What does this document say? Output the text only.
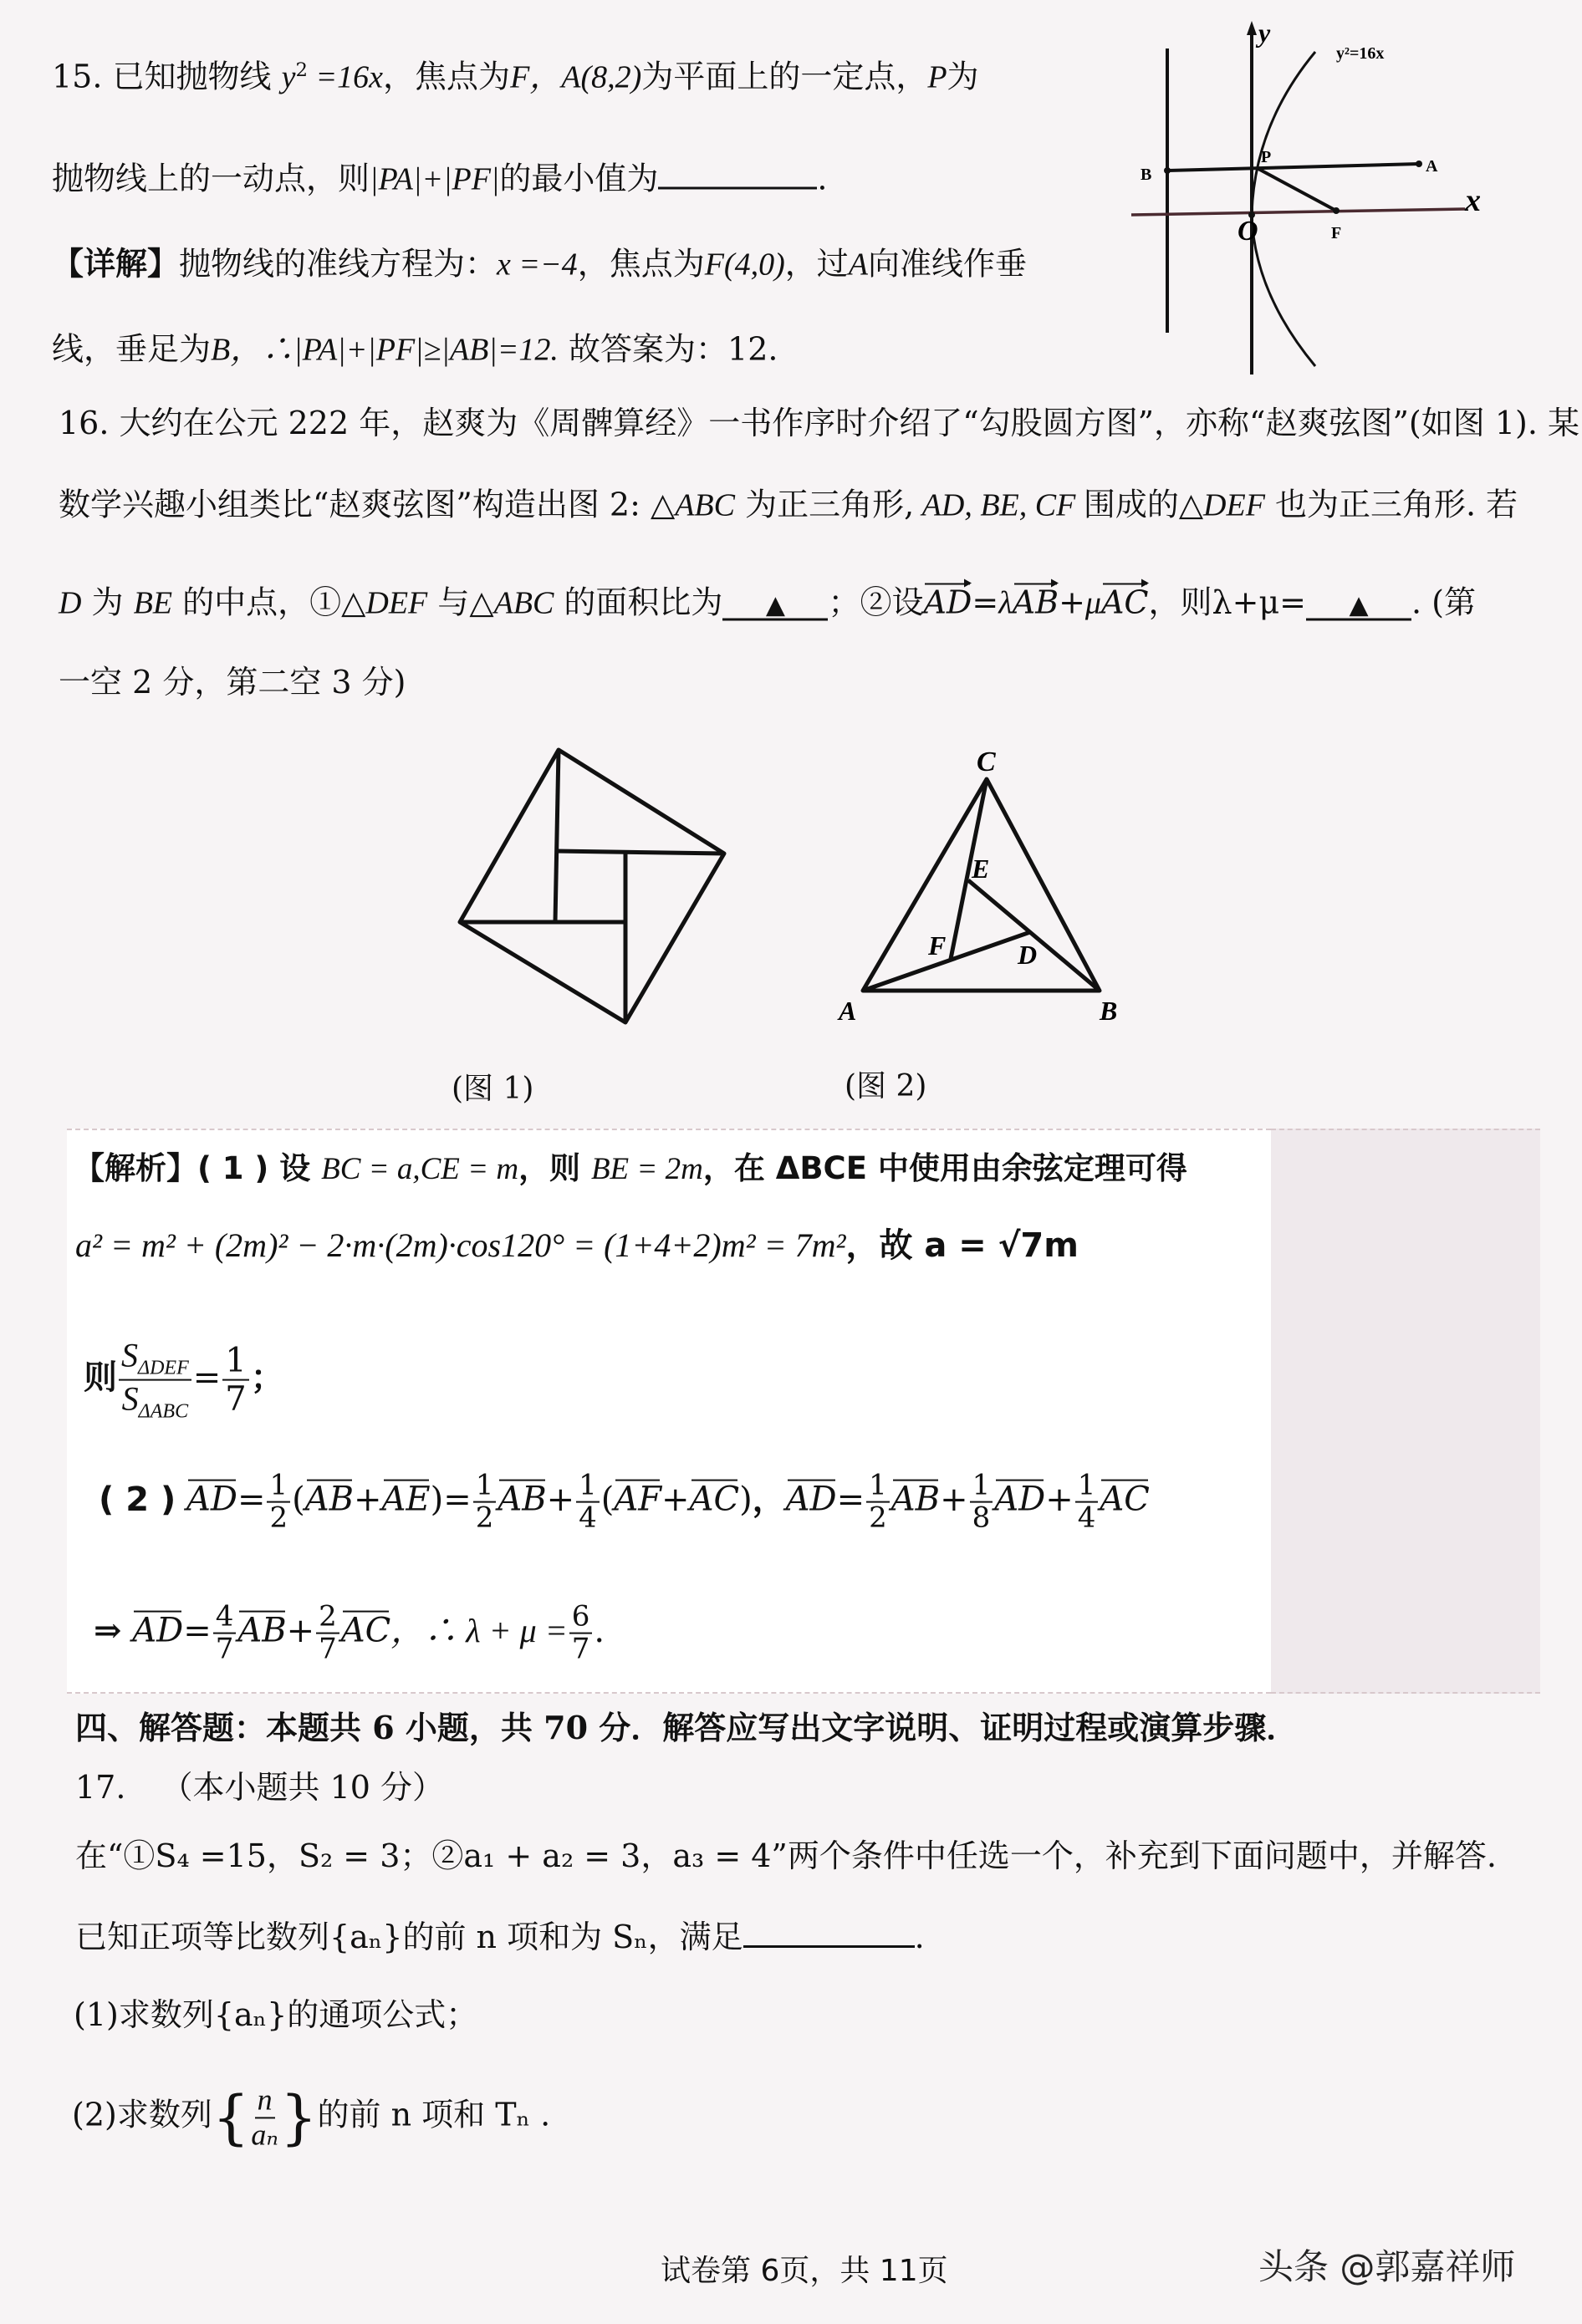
15. 已知抛物线 $y^2 =16x$，焦点为F，A(8,2)为平面上的一定点，P为
抛物线上的一动点，则|PA|+|PF|的最小值为	.
【详解】抛物线的准线方程为：x =−4，焦点为F(4,0)，过A向准线作垂
线，垂足为B，∴|PA|+|PF|≥|AB|=12. 故答案为：12.
B
P	A
F
O
x
y
y²=16x
16. 大约在公元 222 年，赵爽为《周髀算经》一书作序时介绍了“勾股圆方图”，亦称“赵爽弦图”(如图 1). 某
数学兴趣小组类比“赵爽弦图”构造出图 2: △ABC 为正三角形, AD, BE, CF 围成的△DEF 也为正三角形. 若
D 为 BE 的中点，①△DEF 与△ABC 的面积比为 ▲ ；②设AD=λAB+μAC，则λ+μ= ▲ . (第
一空 2 分，第二空 3 分)
(图 1)
C
E
F	D
A	B
(图 2)
【解析】( 1 ) 设 BC = a,CE = m，则 BE = 2m，在 ΔBCE 中使用由余弦定理可得
a² = m² + (2m)² − 2·m·(2m)·cos120° = (1+4+2)m² = 7m²，故 a = √7m
则 $\frac{S_{\Delta DEF}}{S_{\Delta ABC}} = \frac{1}{7}$ ；
( 2 ) $AD= \frac{1}{2} (AB+AE)= \frac{1}{2} AB+ \frac{1}{4} (AF+AC)$，$AD= \frac{1}{2} AB+ \frac{1}{8} AD+ \frac{1}{4}$ AC
⇒ $AD= \frac{4}{7} AB+ \frac{2}{7}$ AC，∴ $\lambda + \mu = \frac{6}{7}$ .
四、解答题：本题共 6 小题，共 70 分．解答应写出文字说明、证明过程或演算步骤．
17. （本小题共 10 分）
在“①S₄ =15，S₂ = 3；②a₁ + a₂ = 3，a₃ = 4”两个条件中任选一个，补充到下面问题中，并解答.
已知正项等比数列{aₙ}的前 n 项和为 Sₙ，满足	.
(1)求数列{aₙ}的通项公式；
(2)求数列{ $\frac{n}{\text{aₙ}}$ }的前 n 项和 Tₙ .
试卷第 6页，共 11页	头条 @郭嘉祥师
